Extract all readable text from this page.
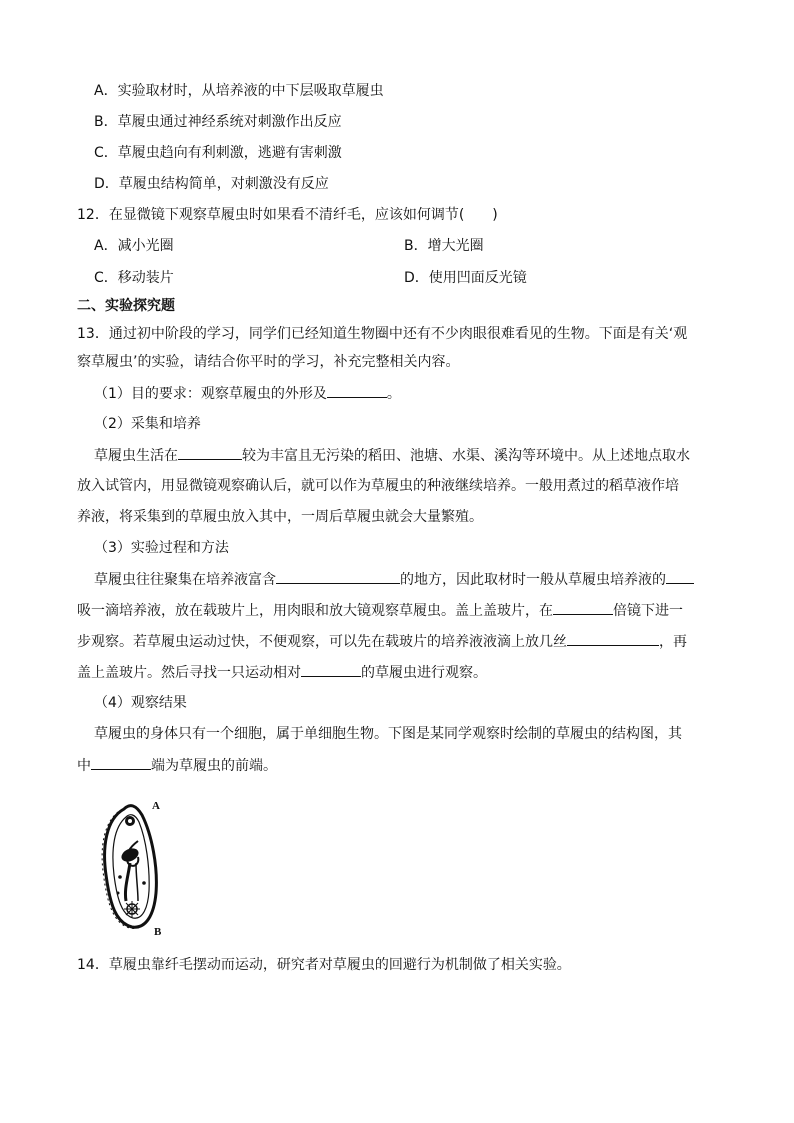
A．实验取材时，从培养液的中下层吸取草履虫
B．草履虫通过神经系统对刺激作出反应
C．草履虫趋向有利刺激，逃避有害刺激
D．草履虫结构简单，对刺激没有反应
12．在显微镜下观察草履虫时如果看不清纤毛，应该如何调节(　　)
A．减小光圈	B．增大光圈
C．移动装片	D．使用凹面反光镜
二、实验探究题
13．通过初中阶段的学习，同学们已经知道生物圈中还有不少肉眼很难看见的生物。下面是有关‘观
察草履虫’的实验，请结合你平时的学习，补充完整相关内容。
（1）目的要求：观察草履虫的外形及	。
（2）采集和培养
草履虫生活在	较为丰富且无污染的稻田、池塘、水渠、溪沟等环境中。从上述地点取水
放入试管内，用显微镜观察确认后，就可以作为草履虫的种液继续培养。一般用煮过的稻草液作培
养液，将采集到的草履虫放入其中，一周后草履虫就会大量繁殖。
（3）实验过程和方法
草履虫往往聚集在培养液富含	的地方，因此取材时一般从草履虫培养液的
吸一滴培养液，放在载玻片上，用肉眼和放大镜观察草履虫。盖上盖玻片，在	倍镜下进一
步观察。若草履虫运动过快，不便观察，可以先在载玻片的培养液液滴上放几丝	，再
盖上盖玻片。然后寻找一只运动相对	的草履虫进行观察。
（4）观察结果
草履虫的身体只有一个细胞，属于单细胞生物。下图是某同学观察时绘制的草履虫的结构图，其
中	端为草履虫的前端。
A
B
14．草履虫靠纤毛摆动而运动，研究者对草履虫的回避行为机制做了相关实验。
